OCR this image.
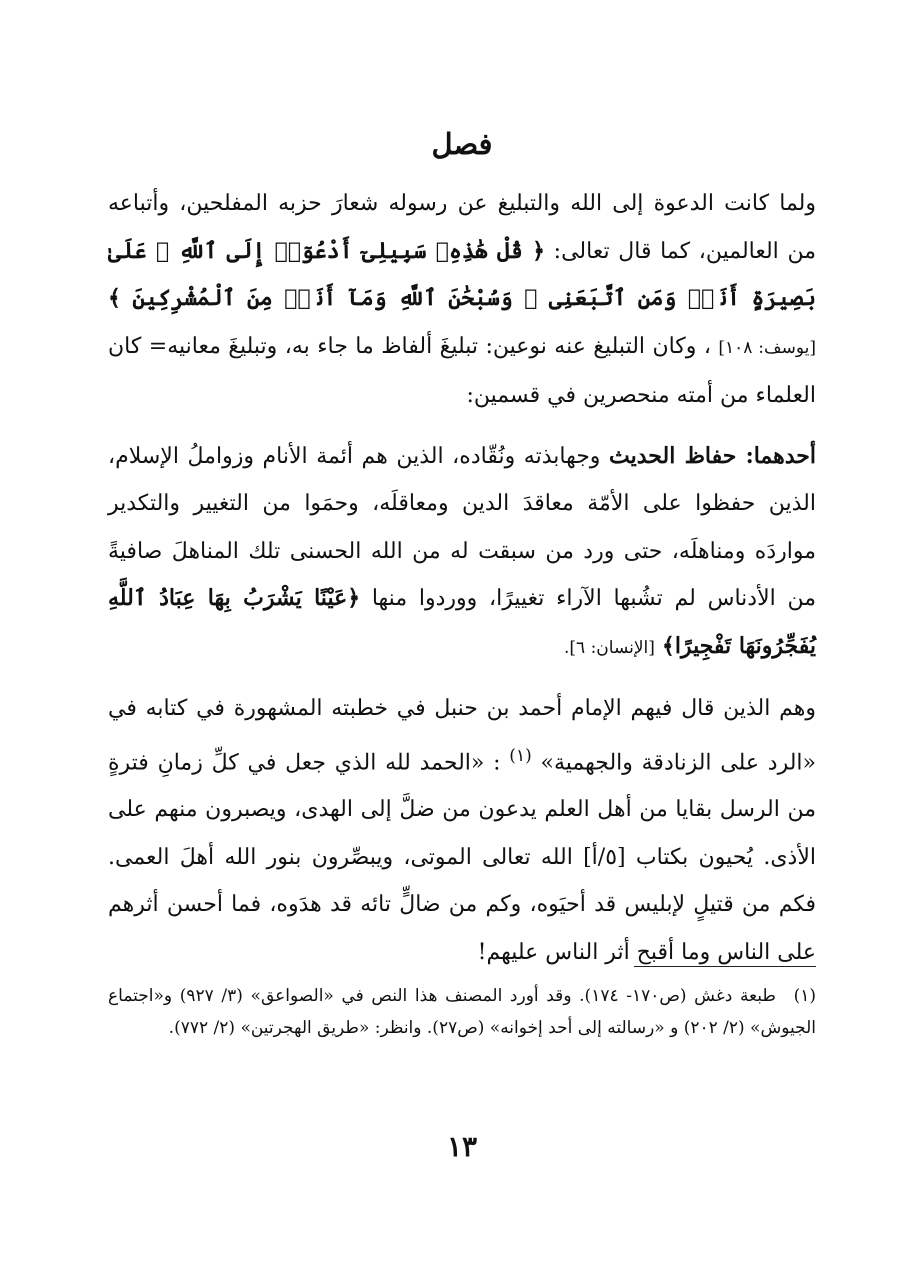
فصل

ولما كانت الدعوة إلى الله والتبليغ عن رسوله شعارَ حزبه المفلحين، وأتباعه من العالمين، كما قال تعالى: ﴿ قُلْ هَٰذِهِۦ سَبِيلِىٓ أَدْعُوٓا۟ إِلَى ٱللَّهِ ۚ عَلَىٰ بَصِيرَةٍ أَنَا۠ وَمَنِ ٱتَّبَعَنِى ۖ وَسُبْحَٰنَ ٱللَّهِ وَمَآ أَنَا۠ مِنَ ٱلْمُشْرِكِينَ ﴾ [يوسف: ١٠٨] ، وكان التبليغ عنه نوعين: تبليغَ ألفاظ ما جاء به، وتبليغَ معانيه= كان العلماء من أمته منحصرين في قسمين:

أحدهما: حفاظ الحديث وجهابذته ونُقّاده، الذين هم أئمة الأنام وزواملُ الإسلام، الذين حفظوا على الأمّة معاقدَ الدين ومعاقلَه، وحمَوا من التغيير والتكدير مواردَه ومناهلَه، حتى ورد من سبقت له من الله الحسنى تلك المناهلَ صافيةً من الأدناس لم تشُبها الآراء تغييرًا، ووردوا منها ﴿عَيْنًا يَشْرَبُ بِهَا عِبَادُ ٱللَّهِ يُفَجِّرُونَهَا تَفْجِيرًا﴾ [الإنسان: ٦].

وهم الذين قال فيهم الإمام أحمد بن حنبل في خطبته المشهورة في كتابه في «الرد على الزنادقة والجهمية» $^{(١)}$ : «الحمد لله الذي جعل في كلِّ زمانِ فترةٍ من الرسل بقايا من أهل العلم يدعون من ضلَّ إلى الهدى، ويصبرون منهم على الأذى. يُحيون بكتاب [٥/أ] الله تعالى الموتى، ويبصِّرون بنور الله أهلَ العمى. فكم من قتيلٍ لإبليس قد أحيَوه، وكم من ضالٍّ تائه قد هدَوه، فما أحسن أثرهم على الناس وما أقبح أثر الناس عليهم!

(١) طبعة دغش (ص١٧٠- ١٧٤). وقد أورد المصنف هذا النص في «الصواعق» (٣/ ٩٢٧) و«اجتماع الجيوش» (٢/ ٢٠٢) و «رسالته إلى أحد إخوانه» (ص٢٧). وانظر: «طريق الهجرتين» (٢/ ٧٧٢).

١٣
